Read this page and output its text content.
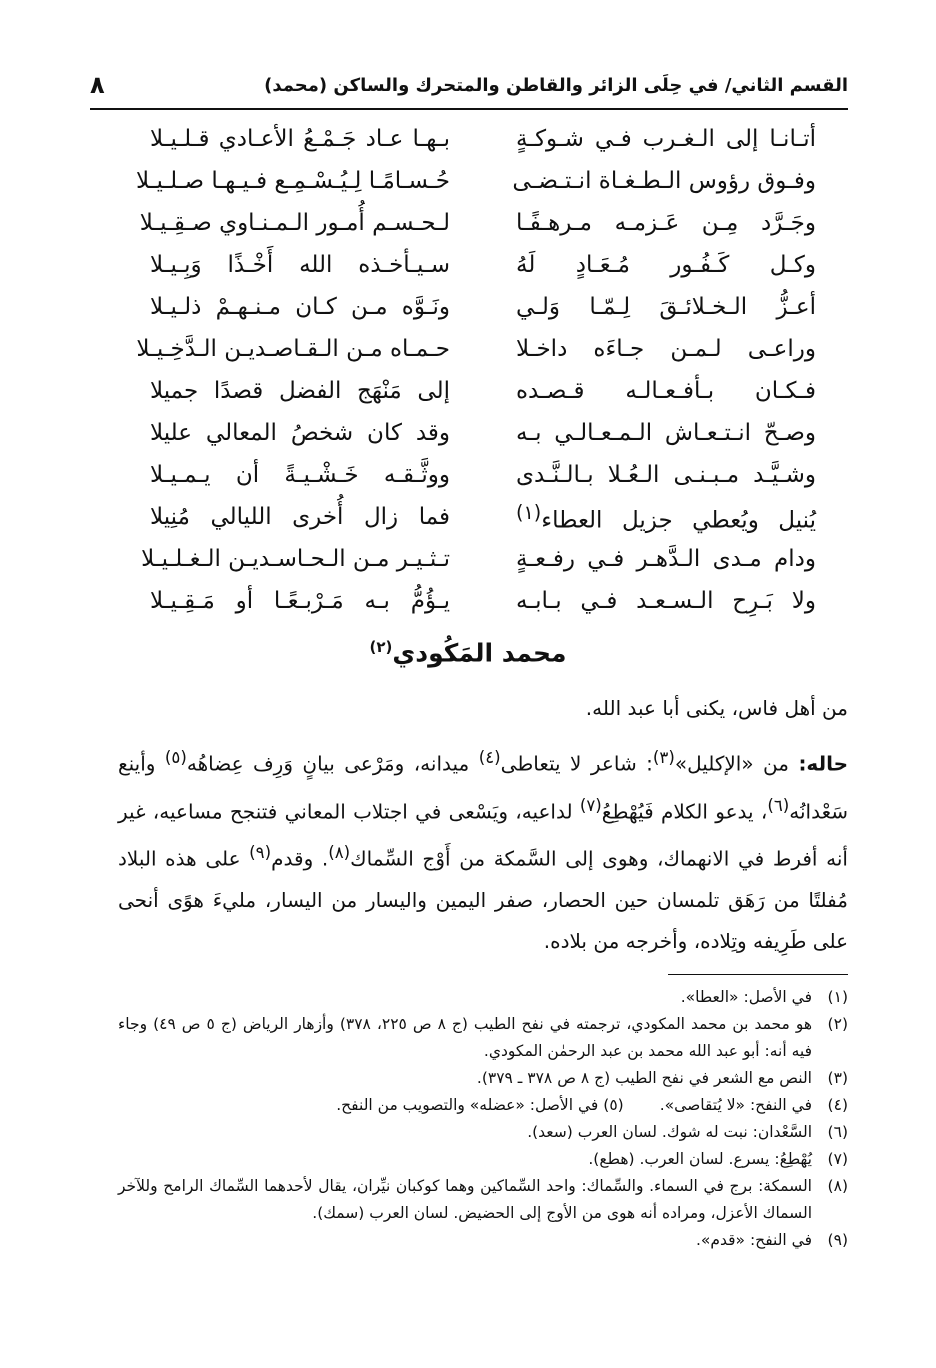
القسم الثاني/ في حِلَى الزائر والقاطن والمتحرك والساكن (محمد)
٨
أتـانـا إلى الـغـرب فـي شـوكـةٍ
بـهـا عـاد جَـمْـعُ الأعـادي قـلـيـلا
وفـوق رؤوس الـطـغـاة انـتـضـى
حُـسـامًـا لِـيُـسْـمِـع فـيـهـا صـلـيـلا
وجَـرَّد مِـن عَـزمـه مـرهـفًـا
لـحـسـم أُمـور الـمـنـاوي صـقِـيـلا
وكـل كَـفُـور مُـعَـادٍ لَهُ
سـيـأخـذه الله أَخْـذًا وَبِـيـلا
أعـزُّ الـخـلائـقَ لِـمّـا وَلـي
ونَـوَّه مـن كـان مـنـهـمْ ذلـيـلا
وراعـى لـمـن جـاءَه داخـلا
حـمـاه مـن الـقـاصـديـن الـدَّخِـيـلا
فـكـان بـأفـعـالـه قـصـده
إلى مَنْهَج الفضل قصدًا جميلا
وصـحّ انـتـعـاش الـمـعـالـي بـه
وقد كان شخصُ المعالي عليلا
وشـيَّـد مـبـنـى الـعُـلا بـالـنَّـدى
ووثَّـقـه خَـشْـيـةً أن يـمـيـلا
يُنيل ويُعطي جزيل العطاء$^{(١)}$
فما زال أُخرى الليالي مُنِيلا
ودام مـدى الـدَّهـر فـي رفـعـةٍ
تـثـيـر مـن الـحـاسـديـن الـغـلـيـلا
ولا بَـرِح الـسـعـد فـي بـابـه
يـؤُمُّ بـه مَـرْبـعًـا أو مَـقِـيـلا
محمد المَكُودي$^{(٢)}$

من أهل فاس، يكنى أبا عبد الله.

حاله: من «الإكليل»$^{(٣)}$: شاعر لا يتعاطى$^{(٤)}$ ميدانه، ومَرْعى بيانٍ وَرِف عِضاهُه$^{(٥)}$ وأينع سَعْدانُه$^{(٦)}$، يدعو الكلام فَيُهْطِعُ$^{(٧)}$ لداعيه، ويَسْعى في اجتلاب المعاني فتنجح مساعيه، غير أنه أفرط في الانهماك، وهوى إلى السَّمكة من أَوْج السِّماك$^{(٨)}$. وقدم$^{(٩)}$ على هذه البلاد مُفلتًا من رَهَق تلمسان حين الحصار، صفر اليمين واليسار من اليسار، مليءَ هوًى أنحى على طَرِيفه وتِلاده، وأخرجه من بلاده.

(١)
في الأصل: «العطا».
(٢)
هو محمد بن محمد المكودي، ترجمته في نفح الطيب (ج ٨ ص ٢٢٥، ٣٧٨) وأزهار الرياض (ج ٥ ص ٤٩) وجاء فيه أنه: أبو عبد الله محمد بن عبد الرحمٰن المكودي.
(٣)
النص مع الشعر في نفح الطيب (ج ٨ ص ٣٧٨ ـ ٣٧٩).
(٤)
في النفح: «لا يُتقاصى».
(٥) في الأصل: «عضله» والتصويب من النفح.
(٦)
السَّعْدان: نبت له شوك. لسان العرب (سعد).
(٧)
يُهْطِعُ: يسرع. لسان العرب. (هطع).
(٨)
السمكة: برج في السماء. والسِّماك: واحد السِّماكين وهما كوكبان نيِّران، يقال لأحدهما السِّماك الرامح وللآخر السماك الأعزل، ومراده أنه هوى من الأوج إلى الحضيض. لسان العرب (سمك).
(٩)
في النفح: «قدم».
